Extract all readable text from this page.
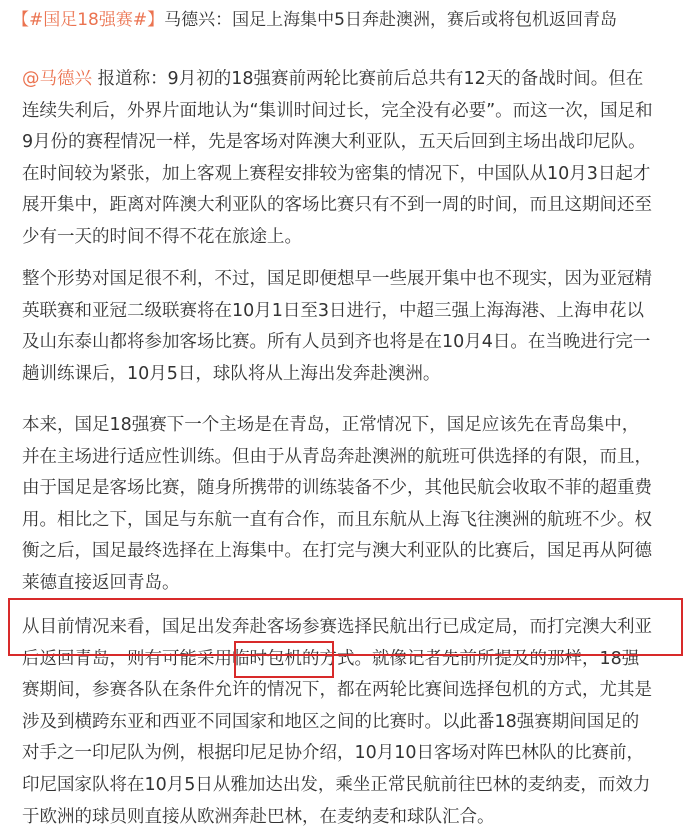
【#国足18强赛#】马德兴：国足上海集中5日奔赴澳洲，赛后或将包机返回青岛
@马德兴 报道称：9月初的18强赛前两轮比赛前后总共有12天的备战时间。但在
连续失利后，外界片面地认为“集训时间过长，完全没有必要”。而这一次，国足和
9月份的赛程情况一样，先是客场对阵澳大利亚队，五天后回到主场出战印尼队。
在时间较为紧张，加上客观上赛程安排较为密集的情况下，中国队从10月3日起才
展开集中，距离对阵澳大利亚队的客场比赛只有不到一周的时间，而且这期间还至
少有一天的时间不得不花在旅途上。
整个形势对国足很不利，不过，国足即便想早一些展开集中也不现实，因为亚冠精
英联赛和亚冠二级联赛将在10月1日至3日进行，中超三强上海海港、上海申花以
及山东泰山都将参加客场比赛。所有人员到齐也将是在10月4日。在当晚进行完一
趟训练课后，10月5日，球队将从上海出发奔赴澳洲。
本来，国足18强赛下一个主场是在青岛，正常情况下，国足应该先在青岛集中，
并在主场进行适应性训练。但由于从青岛奔赴澳洲的航班可供选择的有限，而且，
由于国足是客场比赛，随身所携带的训练装备不少，其他民航会收取不菲的超重费
用。相比之下，国足与东航一直有合作，而且东航从上海飞往澳洲的航班不少。权
衡之后，国足最终选择在上海集中。在打完与澳大利亚队的比赛后，国足再从阿德
莱德直接返回青岛。
从目前情况来看，国足出发奔赴客场参赛选择民航出行已成定局，而打完澳大利亚
后返回青岛，则有可能采用临时包机的方式。就像记者先前所提及的那样，18强
赛期间，参赛各队在条件允许的情况下，都在两轮比赛间选择包机的方式，尤其是
涉及到横跨东亚和西亚不同国家和地区之间的比赛时。以此番18强赛期间国足的
对手之一印尼队为例，根据印尼足协介绍，10月10日客场对阵巴林队的比赛前，
印尼国家队将在10月5日从雅加达出发，乘坐正常民航前往巴林的麦纳麦，而效力
于欧洲的球员则直接从欧洲奔赴巴林，在麦纳麦和球队汇合。
